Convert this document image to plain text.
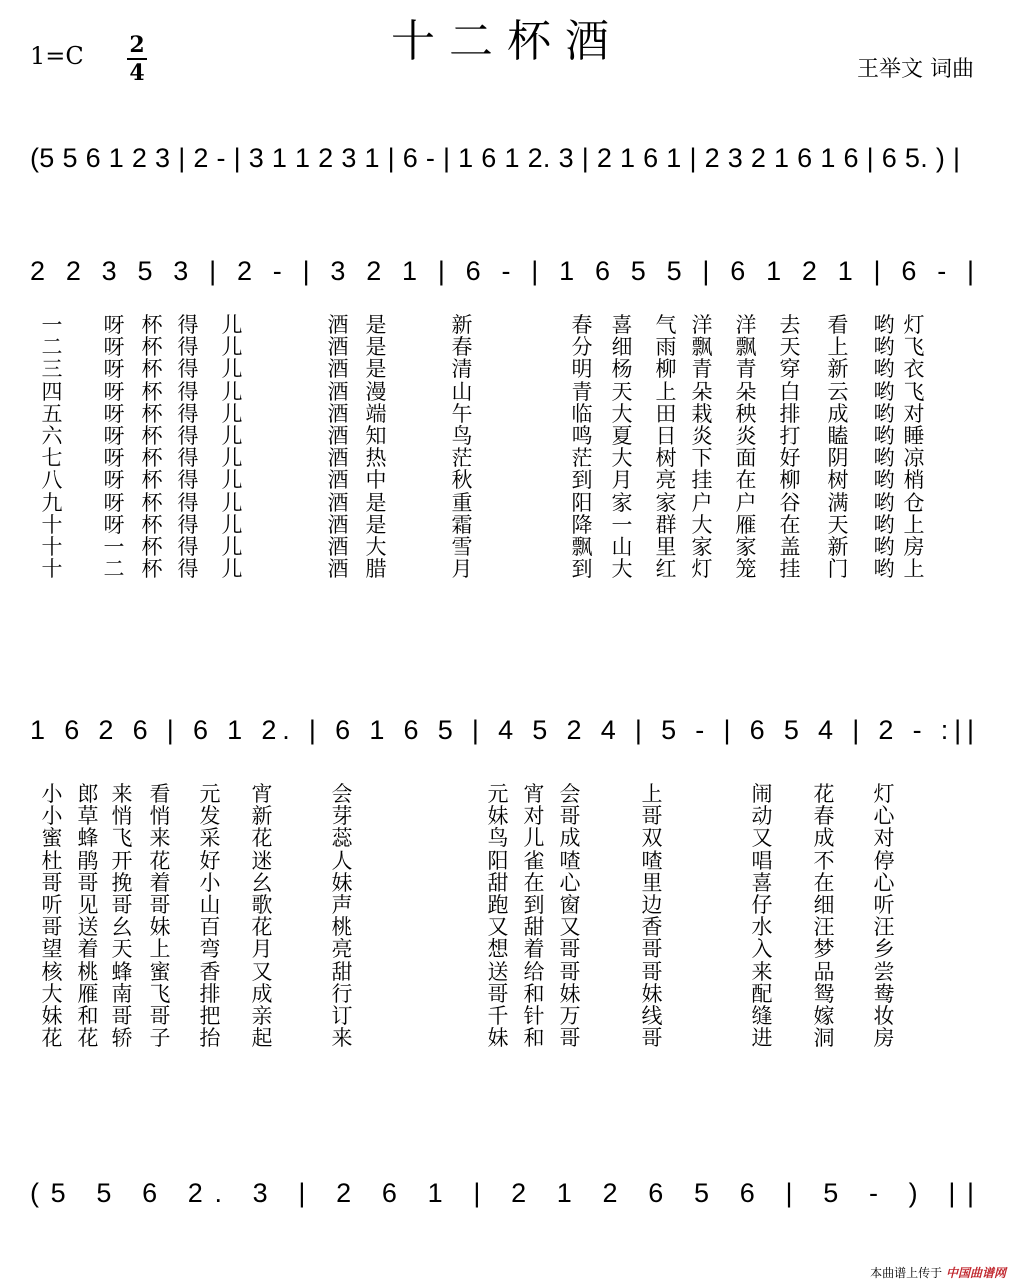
十二杯酒
1=C 2
4	王举文 词曲
(5 5 6 1 2 3 | 2 - | 3 1 1 2 3 1 | 6 - | 1 6 1 2. 3 | 2 1 6 1 | 2 3 2 1 6 1 6 | 6 5. ) |
2 2 3 5 3 | 2 - | 3 2 1 | 6 - | 1 6 5 5 | 6 1 2 1 | 6 - |
一 呀 杯 得 儿	酒 是	新	春 喜 气 洋 洋 去 看 哟 灯
二 呀 杯 得 儿	酒 是	春	分 细 雨 飘 飘 天 上 哟 飞
三 呀 杯 得 儿	酒 是	清	明 杨 柳 青 青 穿 新 哟 衣
四 呀 杯 得 儿	酒 漫	山	青 天 上 朵 朵 白 云 哟 飞
五 呀 杯 得 儿	酒 端	午	临 大 田 栽 秧 排 成 哟 对
六 呀 杯 得 儿	酒 知	鸟	鸣 夏 日 炎 炎 打 瞌 哟 睡
七 呀 杯 得 儿	酒 热	茫	茫 大 树 下 面 好 阴 哟 凉
八 呀 杯 得 儿	酒 中	秋	到 月 亮 挂 在 柳 树 哟 梢
九 呀 杯 得 儿	酒 是	重	阳 家 家 户 户 谷 满 哟 仓
十 呀 杯 得 儿	酒 是	霜	降 一 群 大 雁 在 天 哟 上
十 一 杯 得 儿	酒 大	雪	飘 山 里 家 家 盖 新 哟 房
十 二 杯 得 儿	酒 腊	月	到 大 红 灯 笼 挂 门 哟 上
1 6 2 6 | 6 1 2. | 6 1 6 5 | 4 5 2 4 | 5 - | 6 5 4 | 2 - :||
小 郎 来 看 元 宵	会	元 宵 会	上	闹 花 灯
小 草 悄 悄 发 新	芽	妹 对 哥	哥	动 春 心
蜜 蜂 飞 来 采 花	蕊	鸟 儿 成	双	又 成 对
杜 鹃 开 花 好 迷	人	阳 雀 喳	喳	唱 不 停
哥 哥 挽 着 小 幺	妹	甜 在 心	里	喜 在 心
听 见 哥 哥 山 歌	声	跑 到 窗	边	仔 细 听
哥 送 幺 妹 百 花	桃	又 甜 又	香	水 汪 汪
望 着 天 上 弯 月	亮	想 着 哥	哥	入 梦 乡
核 桃 蜂 蜜 香 又	甜	送 给 哥	哥	来 品 尝
大 雁 南 飞 排 成	行	哥 和 妹	妹	配 鸳 鸯
妹 和 哥 哥 把 亲	订	千 针 万	线	缝 嫁 妆
花 花 轿 子 抬 起	来	妹 和 哥	哥	进 洞 房
(5 5 6 2. 3 | 2 6 1 | 2 1 2 6 5 6 | 5 - ) ||
本曲谱上传于 中国曲谱网
